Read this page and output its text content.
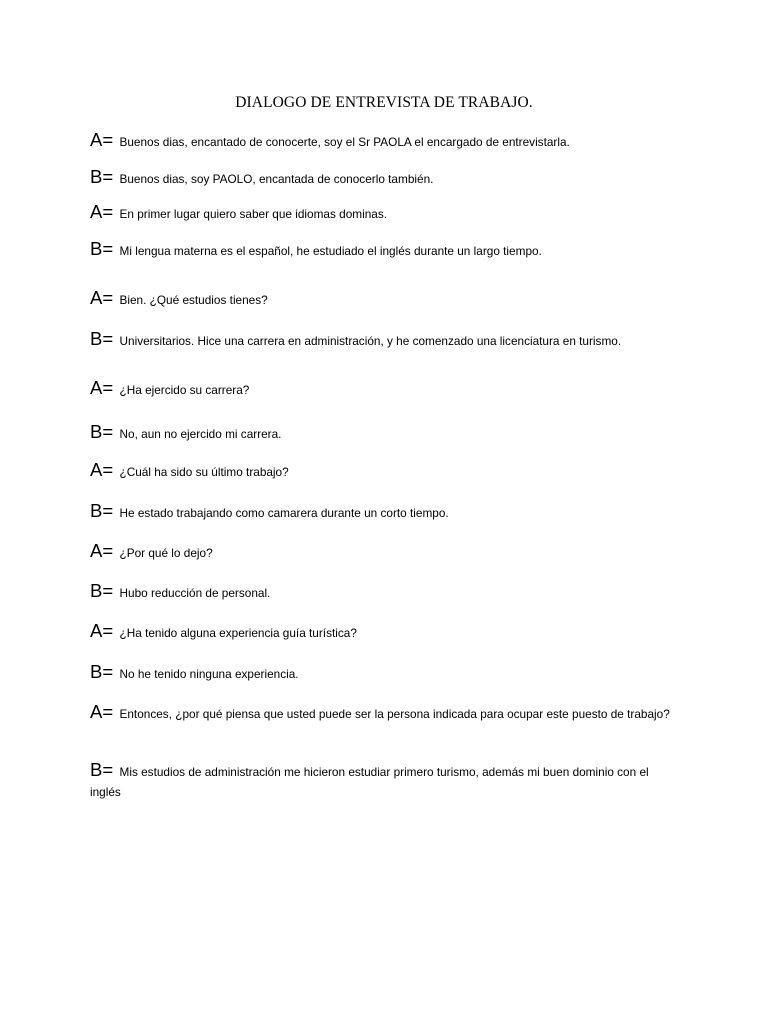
DIALOGO DE ENTREVISTA DE TRABAJO.
A= Buenos dias, encantado de conocerte, soy el Sr PAOLA el encargado de entrevistarla.
B= Buenos dias, soy PAOLO, encantada de conocerlo también.
A= En primer lugar quiero saber que idiomas dominas.
B= Mi lengua materna es el español, he estudiado el inglés durante un largo tiempo.
A= Bien. ¿Qué estudios tienes?
B= Universitarios. Hice una carrera en administración, y he comenzado una licenciatura en turismo.
A= ¿Ha ejercido su carrera?
B= No, aun no ejercido mi carrera.
A= ¿Cuál ha sido su último trabajo?
B= He estado trabajando como camarera durante un corto tiempo.
A= ¿Por qué lo dejo?
B= Hubo reducción de personal.
A= ¿Ha tenido alguna experiencia guía turística?
B= No he tenido ninguna experiencia.
A= Entonces, ¿por qué piensa que usted puede ser la persona indicada para ocupar este puesto de trabajo?
B= Mis estudios de administración me hicieron estudiar primero turismo, además mi buen dominio con el inglés
